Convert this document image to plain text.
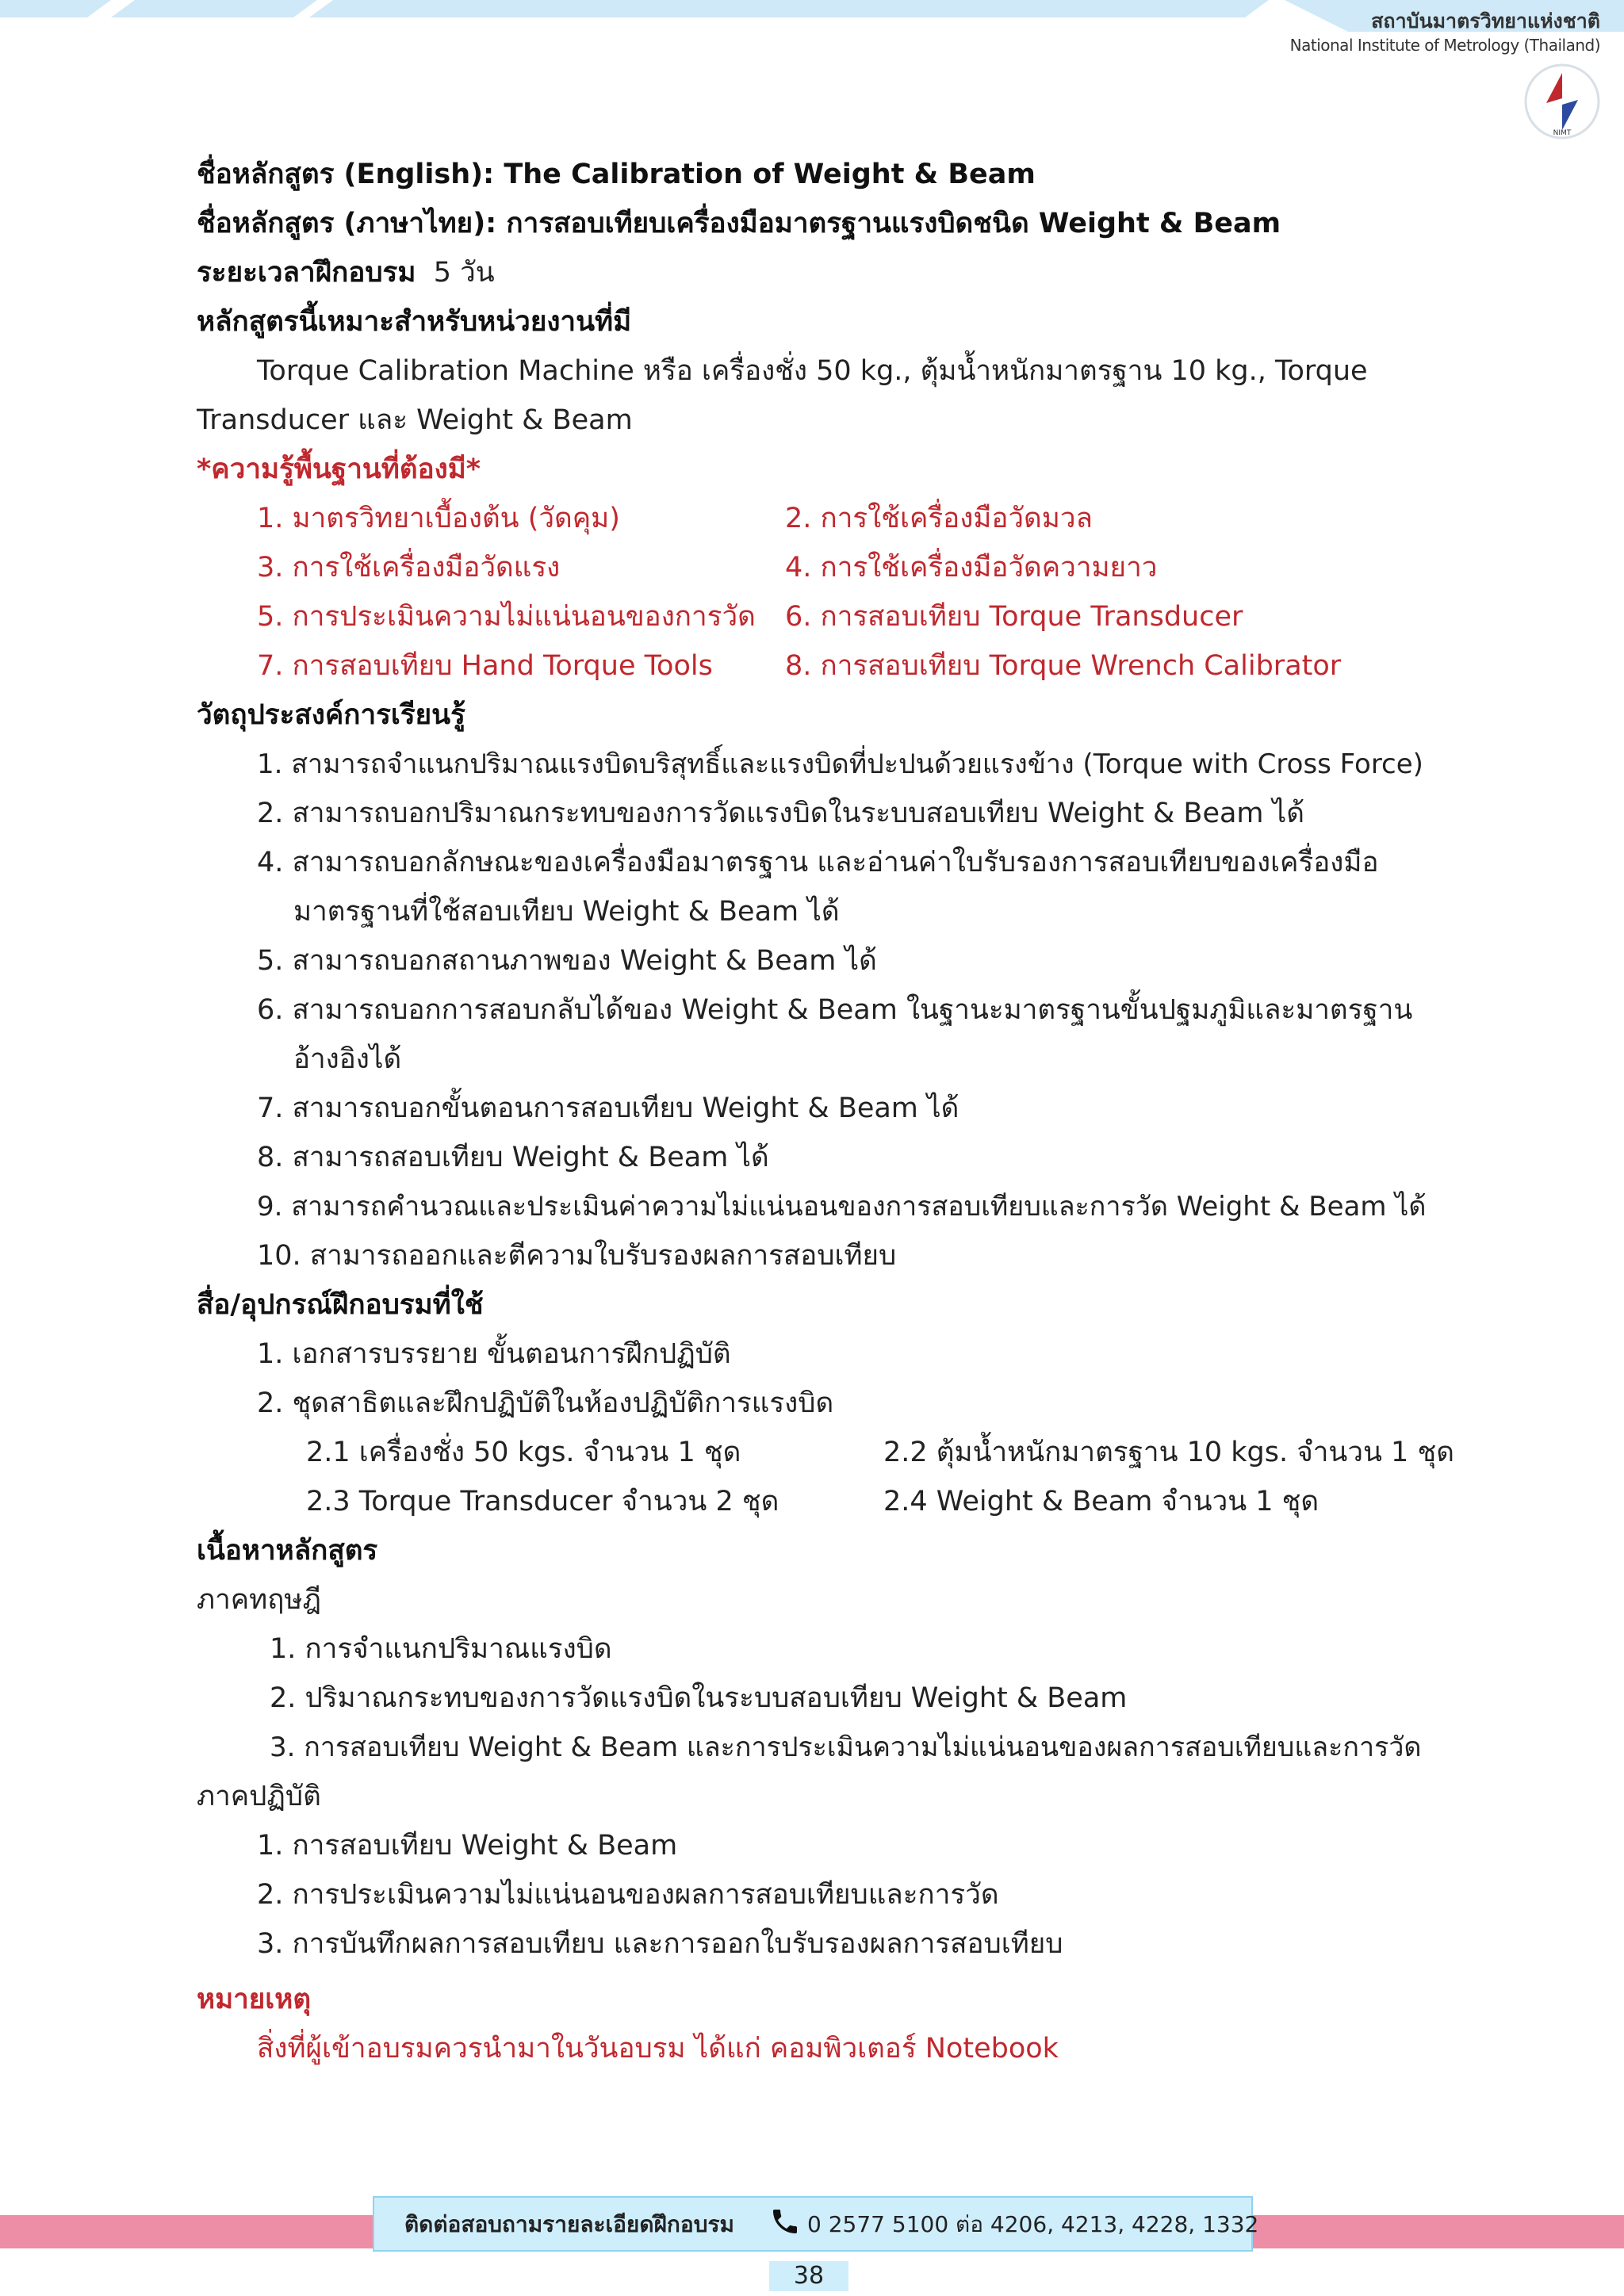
สถาบันมาตรวิทยาแห่งชาติ
National Institute of Metrology (Thailand)
NIMT
ชื่อหลักสูตร (English): The Calibration of Weight & Beam
ชื่อหลักสูตร (ภาษาไทย): การสอบเทียบเครื่องมือมาตรฐานแรงบิดชนิด Weight & Beam
ระยะเวลาฝึกอบรม 5 วัน
หลักสูตรนี้เหมาะสำหรับหน่วยงานที่มี
Torque Calibration Machine หรือ เครื่องชั่ง 50 kg., ตุ้มน้ำหนักมาตรฐาน 10 kg., Torque
Transducer และ Weight & Beam
*ความรู้พื้นฐานที่ต้องมี*
1. มาตรวิทยาเบื้องต้น (วัดคุม)	2. การใช้เครื่องมือวัดมวล
3. การใช้เครื่องมือวัดแรง	4. การใช้เครื่องมือวัดความยาว
5. การประเมินความไม่แน่นอนของการวัด 6. การสอบเทียบ Torque Transducer
7. การสอบเทียบ Hand Torque Tools	8. การสอบเทียบ Torque Wrench Calibrator
วัตถุประสงค์การเรียนรู้
1. สามารถจำแนกปริมาณแรงบิดบริสุทธิ์และแรงบิดที่ปะปนด้วยแรงข้าง (Torque with Cross Force)
2. สามารถบอกปริมาณกระทบของการวัดแรงบิดในระบบสอบเทียบ Weight & Beam ได้
4. สามารถบอกลักษณะของเครื่องมือมาตรฐาน และอ่านค่าใบรับรองการสอบเทียบของเครื่องมือ
มาตรฐานที่ใช้สอบเทียบ Weight & Beam ได้
5. สามารถบอกสถานภาพของ Weight & Beam ได้
6. สามารถบอกการสอบกลับได้ของ Weight & Beam ในฐานะมาตรฐานขั้นปฐมภูมิและมาตรฐาน
อ้างอิงได้
7. สามารถบอกขั้นตอนการสอบเทียบ Weight & Beam ได้
8. สามารถสอบเทียบ Weight & Beam ได้
9. สามารถคำนวณและประเมินค่าความไม่แน่นอนของการสอบเทียบและการวัด Weight & Beam ได้
10. สามารถออกและตีความใบรับรองผลการสอบเทียบ
สื่อ/อุปกรณ์ฝึกอบรมที่ใช้
1. เอกสารบรรยาย ขั้นตอนการฝึกปฏิบัติ
2. ชุดสาธิตและฝึกปฏิบัติในห้องปฏิบัติการแรงบิด
2.1 เครื่องชั่ง 50 kgs. จำนวน 1 ชุด	2.2 ตุ้มน้ำหนักมาตรฐาน 10 kgs. จำนวน 1 ชุด
2.3 Torque Transducer จำนวน 2 ชุด	2.4 Weight & Beam จำนวน 1 ชุด
เนื้อหาหลักสูตร
ภาคทฤษฎี
1. การจำแนกปริมาณแรงบิด
2. ปริมาณกระทบของการวัดแรงบิดในระบบสอบเทียบ Weight & Beam
3. การสอบเทียบ Weight & Beam และการประเมินความไม่แน่นอนของผลการสอบเทียบและการวัด
ภาคปฏิบัติ
1. การสอบเทียบ Weight & Beam
2. การประเมินความไม่แน่นอนของผลการสอบเทียบและการวัด
3. การบันทึกผลการสอบเทียบ และการออกใบรับรองผลการสอบเทียบ
หมายเหตุ
สิ่งที่ผู้เข้าอบรมควรนำมาในวันอบรม ได้แก่ คอมพิวเตอร์ Notebook
ติดต่อสอบถามรายละเอียดฝึกอบรม	0 2577 5100 ต่อ 4206, 4213, 4228, 1332
38
